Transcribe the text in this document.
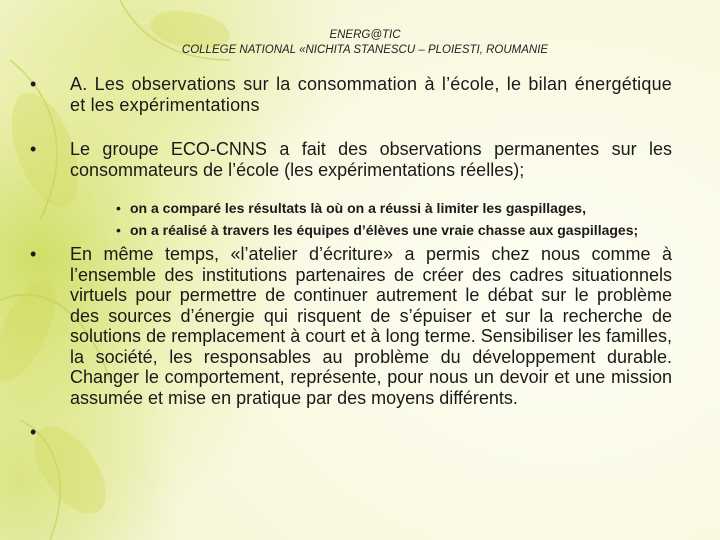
ENERG@TIC
COLLEGE NATIONAL «NICHITA STANESCU – PLOIESTI, ROUMANIE
• A. Les observations sur la consommation à l’école, le bilan énergétique et les expérimentations
• Le groupe ECO-CNNS a fait des observations permanentes sur les consommateurs de l’école (les expérimentations réelles);
• on a comparé les résultats là où on a réussi à limiter les gaspillages,
• on a réalisé à travers les équipes d’élèves une vraie chasse aux gaspillages;
• En même temps, «l’atelier d’écriture» a permis chez nous comme à l’ensemble des institutions partenaires de créer des cadres situationnels virtuels pour permettre de continuer autrement le débat sur le problème des sources d’énergie qui risquent de s’épuiser et sur la recherche de solutions de remplacement à court et à long terme. Sensibiliser les familles, la société, les responsables au problème du développement durable. Changer le comportement, représente, pour nous un devoir et une mission assumée et mise en pratique par des moyens différents.
•
